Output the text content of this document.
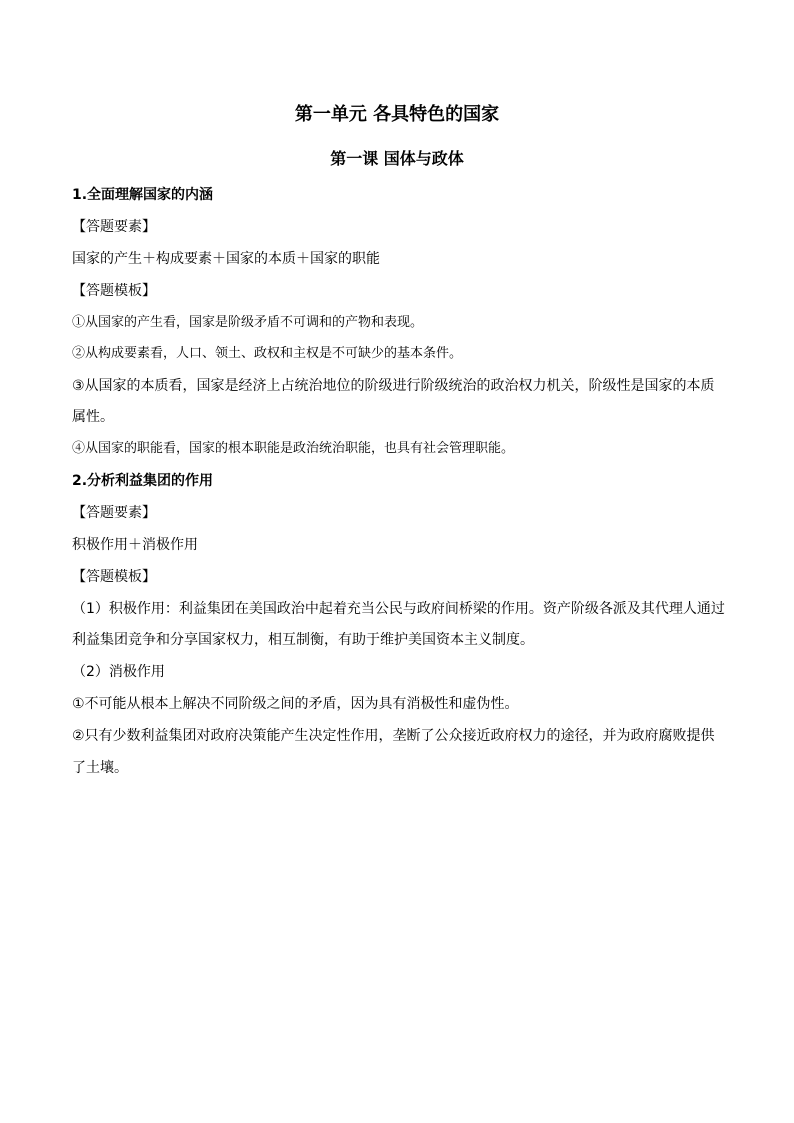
第一单元 各具特色的国家
第一课 国体与政体
1.全面理解国家的内涵
【答题要素】
国家的产生＋构成要素＋国家的本质＋国家的职能
【答题模板】
①从国家的产生看，国家是阶级矛盾不可调和的产物和表现。
②从构成要素看，人口、领土、政权和主权是不可缺少的基本条件。
③从国家的本质看，国家是经济上占统治地位的阶级进行阶级统治的政治权力机关，阶级性是国家的本质
属性。
④从国家的职能看，国家的根本职能是政治统治职能，也具有社会管理职能。
2.分析利益集团的作用
【答题要素】
积极作用＋消极作用
【答题模板】
（1）积极作用：利益集团在美国政治中起着充当公民与政府间桥梁的作用。资产阶级各派及其代理人通过
利益集团竞争和分享国家权力，相互制衡，有助于维护美国资本主义制度。
（2）消极作用
①不可能从根本上解决不同阶级之间的矛盾，因为具有消极性和虚伪性。
②只有少数利益集团对政府决策能产生决定性作用，垄断了公众接近政府权力的途径，并为政府腐败提供
了土壤。
